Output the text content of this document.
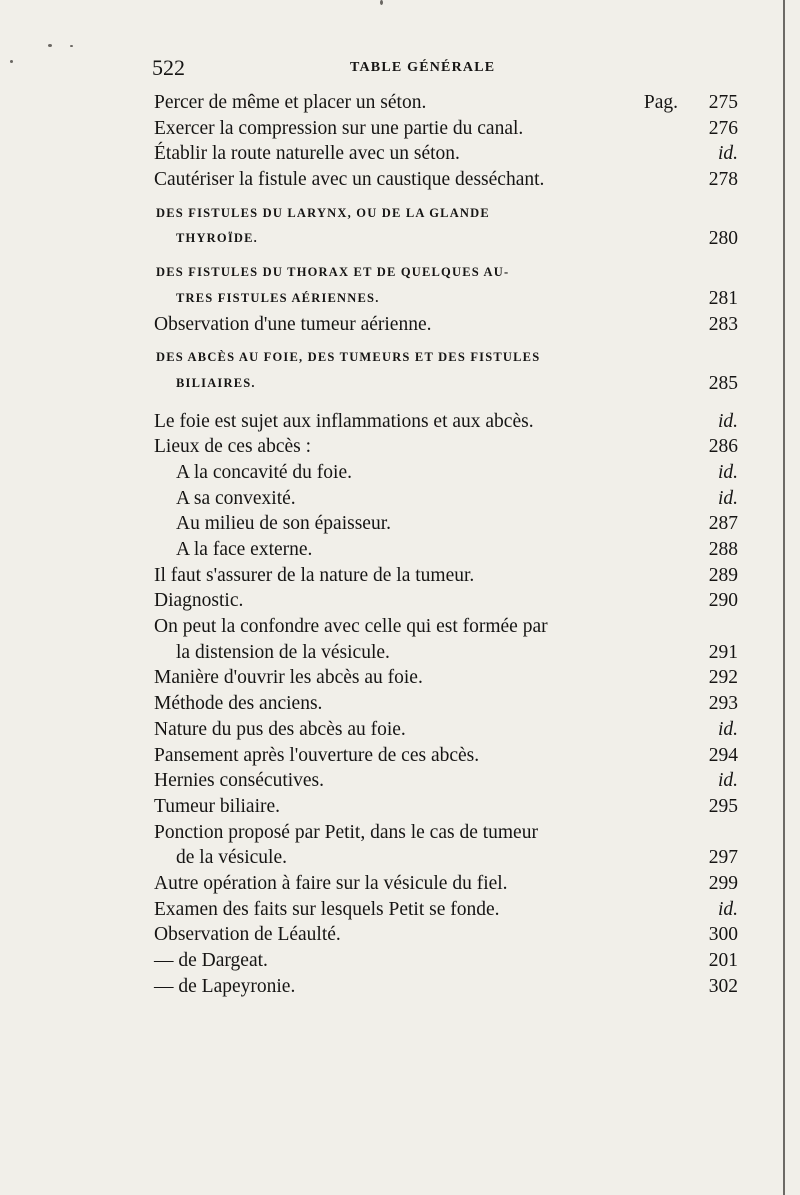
522	TABLE GÉNÉRALE
Percer de même et placer un séton.	Pag. 275
Exercer la compression sur une partie du canal.	276
Établir la route naturelle avec un séton.	id.
Cautériser la fistule avec un caustique desséchant.	278
DES FISTULES DU LARYNX, OU DE LA GLANDE
THYROÏDE.	280
DES FISTULES DU THORAX ET DE QUELQUES AU-
TRES FISTULES AÉRIENNES.	281
Observation d'une tumeur aérienne.	283
DES ABCÈS AU FOIE, DES TUMEURS ET DES FISTULES
BILIAIRES.	285
Le foie est sujet aux inflammations et aux abcès.	id.
Lieux de ces abcès :	286
A la concavité du foie.	id.
A sa convexité.	id.
Au milieu de son épaisseur.	287
A la face externe.	288
Il faut s'assurer de la nature de la tumeur.	289
Diagnostic.	290
On peut la confondre avec celle qui est formée par
la distension de la vésicule.	291
Manière d'ouvrir les abcès au foie.	292
Méthode des anciens.	293
Nature du pus des abcès au foie.	id.
Pansement après l'ouverture de ces abcès.	294
Hernies consécutives.	id.
Tumeur biliaire.	295
Ponction proposé par Petit, dans le cas de tumeur
de la vésicule.	297
Autre opération à faire sur la vésicule du fiel.	299
Examen des faits sur lesquels Petit se fonde.	id.
Observation de Léaulté.	300
— de Dargeat.	201
— de Lapeyronie.	302
